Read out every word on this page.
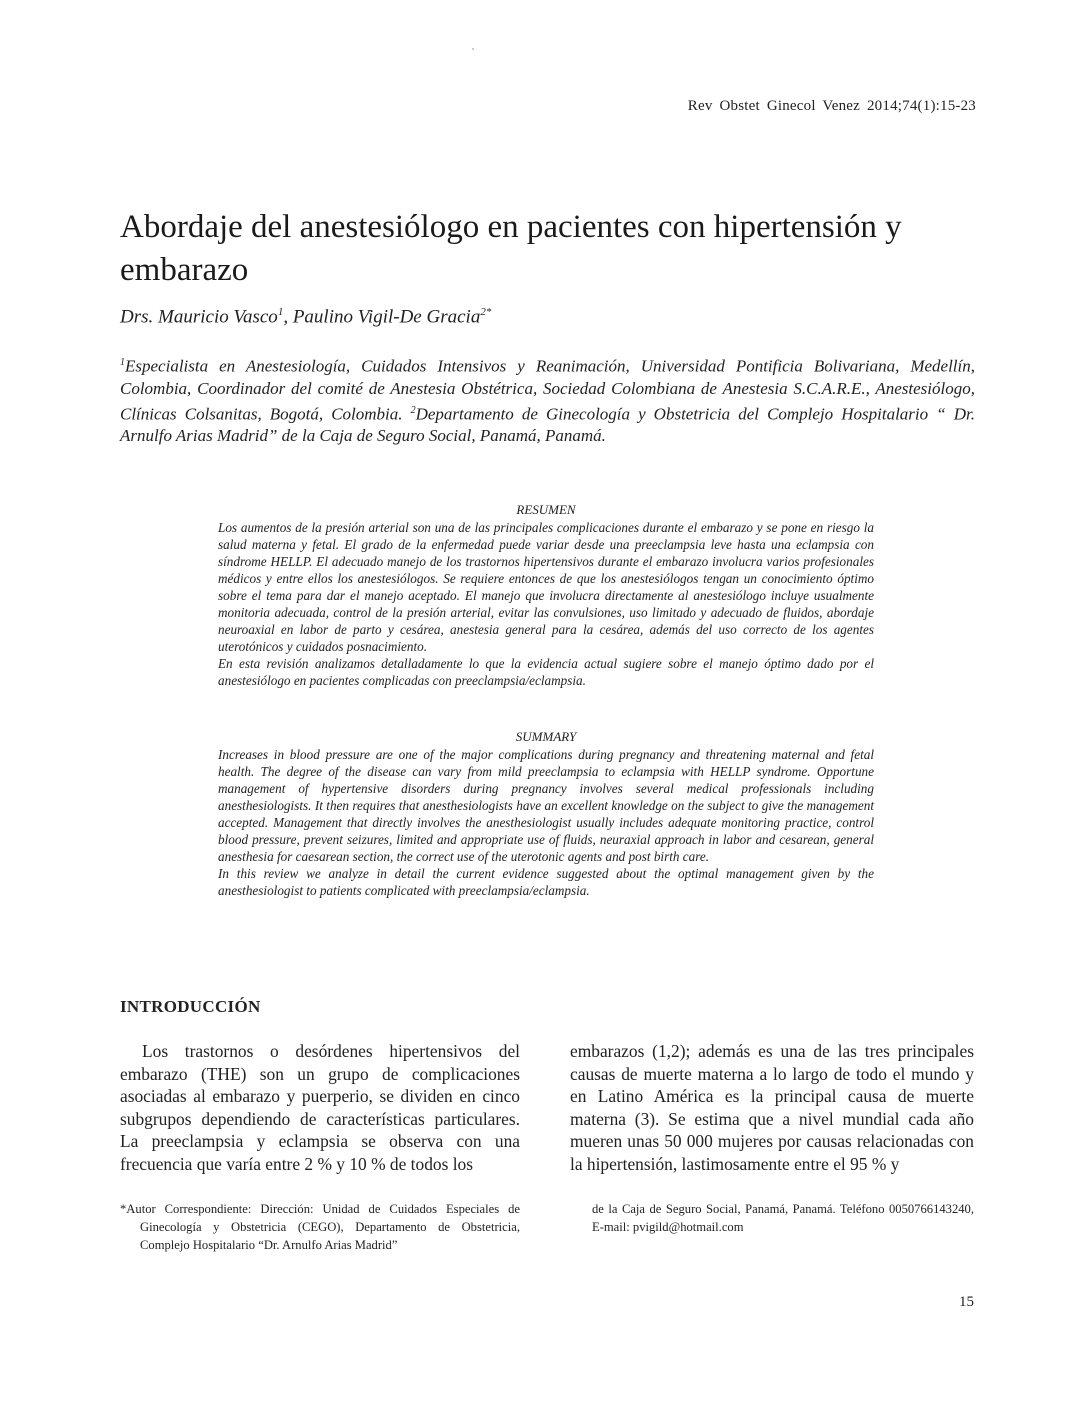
Rev Obstet Ginecol Venez 2014;74(1):15-23
Abordaje del anestesiólogo en pacientes con hipertensión y embarazo
Drs. Mauricio Vasco$^1$, Paulino Vigil-De Gracia$^{2*}$
$^1$Especialista en Anestesiología, Cuidados Intensivos y Reanimación, Universidad Pontificia Bolivariana, Medellín, Colombia, Coordinador del comité de Anestesia Obstétrica, Sociedad Colombiana de Anestesia S.C.A.R.E., Anestesiólogo, Clínicas Colsanitas, Bogotá, Colombia. $^2$Departamento de Ginecología y Obstetricia del Complejo Hospitalario “ Dr. Arnulfo Arias Madrid” de la Caja de Seguro Social, Panamá, Panamá.
RESUMEN

Los aumentos de la presión arterial son una de las principales complicaciones durante el embarazo y se pone en riesgo la salud materna y fetal. El grado de la enfermedad puede variar desde una preeclampsia leve hasta una eclampsia con síndrome HELLP. El adecuado manejo de los trastornos hipertensivos durante el embarazo involucra varios profesionales médicos y entre ellos los anestesiólogos. Se requiere entonces de que los anestesiólogos tengan un conocimiento óptimo sobre el tema para dar el manejo aceptado. El manejo que involucra directamente al anestesiólogo incluye usualmente monitoria adecuada, control de la presión arterial, evitar las convulsiones, uso limitado y adecuado de fluidos, abordaje neuroaxial en labor de parto y cesárea, anestesia general para la cesárea, además del uso correcto de los agentes uterotónicos y cuidados posnacimiento.

En esta revisión analizamos detalladamente lo que la evidencia actual sugiere sobre el manejo óptimo dado por el anestesiólogo en pacientes complicadas con preeclampsia/eclampsia.

SUMMARY

Increases in blood pressure are one of the major complications during pregnancy and threatening maternal and fetal health. The degree of the disease can vary from mild preeclampsia to eclampsia with HELLP syndrome. Opportune management of hypertensive disorders during pregnancy involves several medical professionals including anesthesiologists. It then requires that anesthesiologists have an excellent knowledge on the subject to give the management accepted. Management that directly involves the anesthesiologist usually includes adequate monitoring practice, control blood pressure, prevent seizures, limited and appropriate use of fluids, neuraxial approach in labor and cesarean, general anesthesia for caesarean section, the correct use of the uterotonic agents and post birth care.

In this review we analyze in detail the current evidence suggested about the optimal management given by the anesthesiologist to patients complicated with preeclampsia/eclampsia.

INTRODUCCIÓN

Los trastornos o desórdenes hipertensivos del embarazo (THE) son un grupo de complicaciones asociadas al embarazo y puerperio, se dividen en cinco subgrupos dependiendo de características particulares. La preeclampsia y eclampsia se observa con una frecuencia que varía entre 2 % y 10 % de todos los

embarazos (1,2); además es una de las tres principales causas de muerte materna a lo largo de todo el mundo y en Latino América es la principal causa de muerte materna (3). Se estima que a nivel mundial cada año mueren unas 50 000 mujeres por causas relacionadas con la hipertensión, lastimosamente entre el 95 % y

*Autor Correspondiente: Dirección: Unidad de Cuidados Especiales de Ginecología y Obstetricia (CEGO), Departamento de Obstetricia, Complejo Hospitalario “Dr. Arnulfo Arias Madrid”

de la Caja de Seguro Social, Panamá, Panamá. Teléfono 0050766143240, E-mail: pvigild@hotmail.com

15
